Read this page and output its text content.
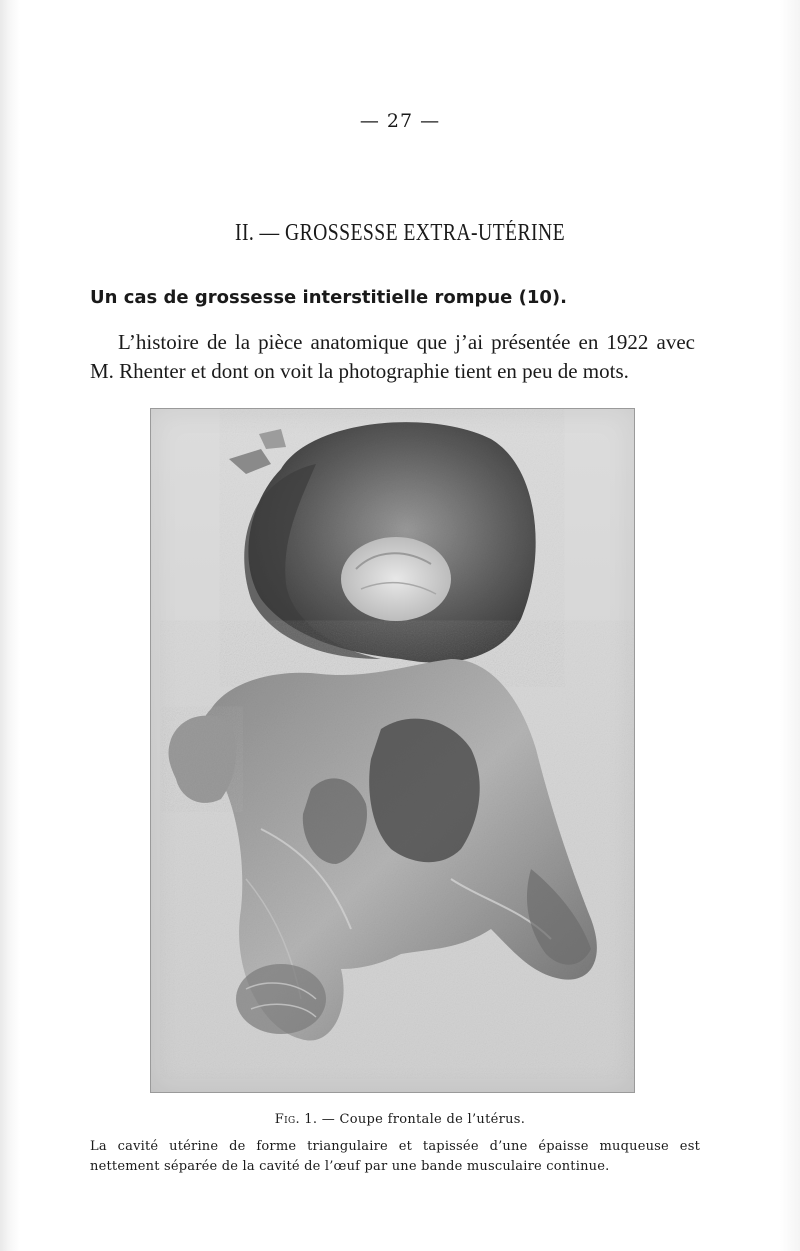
— 27 —
II. — GROSSESSE EXTRA-UTÉRINE
Un cas de grossesse interstitielle rompue (10).

L’histoire de la pièce anatomique que j’ai présentée en 1922 avec M. Rhenter et dont on voit la photographie tient en peu de mots.

Fig. 1. — Coupe frontale de l’utérus.
La cavité utérine de forme triangulaire et tapissée d’une épaisse muqueuse est nettement séparée de la cavité de l’œuf par une bande musculaire continue.
